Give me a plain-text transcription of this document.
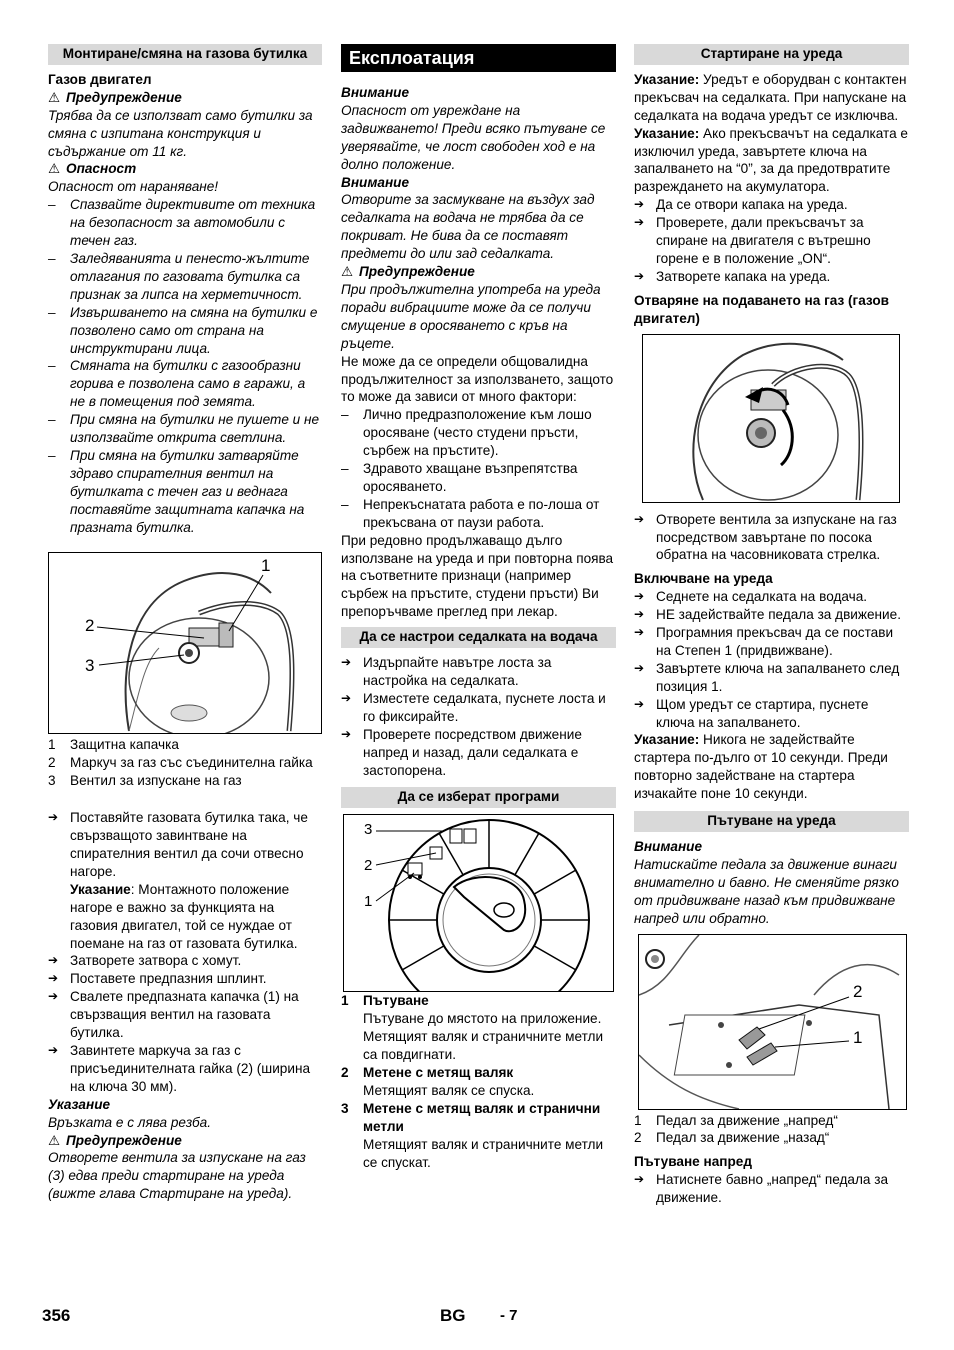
Монтиране/смяна на газова бутилка

Газов двигател

⚠ Предупреждение

Трябва да се използват само бутилки за смяна с изпитана конструкция и съдържание от 11 кг.

⚠ Опасност

Опасност от нараняване!

– Спазвайте директивите от техника на безопасност за автомобили с течен газ.
– Заледяванията и пенесто-жълтите отлагания по газовата бутилка са признак за липса на херметичност.
– Извършването на смяна на бутилки е позволено само от страна на инструктирани лица.
– Смяната на бутилки с газообразни горива е позволена само в гаражи, а не в помещения под земята.
– При смяна на бутилки не пушете и не използвайте открита светлина.
– При смяна на бутилки затваряйте здраво спирателния вентил на бутилката с течен газ и веднага поставяйте защитната капачка на празната бутилка.
1
2
3
1 Защитна капачка
2 Маркуч за газ със съединителна гайка
3 Вентил за изпускане на газ
➔ Поставяйте газовата бутилка така, че свързващото завинтване на спирателния вентил да сочи отвесно нагоре.
Указание: Монтажното положение нагоре е важно за функцията на газовия двигател, той се нуждае от поемане на газ от газовата бутилка.
➔ Затворете затвора с хомут.
➔ Поставете предпазния шплинт.
➔ Свалете предпазната капачка (1) на свързващия вентил на газовата бутилка.
➔ Завинтете маркуча за газ с присъединителната гайка (2) (ширина на ключа 30 мм).

Указание

Връзката е с лява резба.

⚠ Предупреждение

Отворете вентила за изпускане на газ (3) едва преди стартиране на уреда (вижте глава Стартиране на уреда).

Експлоатация

Внимание

Опасност от увреждане на задвижването! Преди всяко пътуване се уверявайте, че лост свободен ход е на долно положение.

Внимание

Отворите за засмукване на въздух зад седалката на водача не трябва да се покриват. Не бива да се поставят предмети до или зад седалката.

⚠ Предупреждение

При продължителна употреба на уреда поради вибрациите може да се получи смущение в оросяването с кръв на ръцете.

Не може да се определи общовалидна продължителност за използването, защото то може да зависи от много фактори:

– Лично предразположение към лошо оросяване (често студени пръсти, сърбеж на пръстите).
– Здравото хващане възпрепятства оросяването.
– Непрекъснатата работа е по-лоша от прекъсвана от паузи работа.

При редовно продължаващо дълго използване на уреда и при повторна поява на съответните признаци (например сърбеж на пръстите, студени пръсти) Ви препоръчваме преглед при лекар.

Да се настрои седалката на водача
➔ Издърпайте навътре лоста за настройка на седалката.
➔ Изместете седалката, пуснете лоста и го фиксирайте.
➔ Проверете посредством движение напред и назад, дали седалката е застопорена.
Да се изберат програми
3
2
1
1 Пътуване
Пътуване до мястото на приложение. Метящият валяк и страничните метли са повдигнати.
2 Метене с метящ валяк
Метящият валяк се спуска.
3 Метене с метящ валяк и странични метли
Метящият валяк и страничните метли се спускат.
Стартиране на уреда

Указание: Уредът е оборудван с контактен прекъсвач на седалката. При напускане на седалката на водача уредът се изключва.

Указание: Ако прекъсвачът на седалката е изключил уреда, завъртете ключа на запалването на “0”, за да предотвратите разреждането на акумулатора.

➔ Да се отвори капака на уреда.
➔ Проверете, дали прекъсвачът за спиране на двигателя с вътрешно горене е в положение „ON“.
➔ Затворете капака на уреда.

Отваряне на подаването на газ (газов двигател)

➔ Отворете вентила за изпускане на газ посредством завъртане по посока обратна на часовниковата стрелка.

Включване на уреда

➔ Седнете на седалката на водача.
➔ НЕ задействайте педала за движение.
➔ Програмния прекъсвач да се постави на Степен 1 (придвижване).
➔ Завъртете ключа на запалването след позиция 1.
➔ Щом уредът се стартира, пуснете ключа на запалването.

Указание: Никога не задействайте стартера по-дълго от 10 секунди. Преди повторно задействане на стартера изчакайте поне 10 секунди.

Пътуване на уреда

Внимание

Натискайте педала за движение винаги внимателно и бавно. Не сменяйте рязко от придвижване назад към придвижване напред или обратно.

2
1
1 Педал за движение „напред“
2 Педал за движение „назад“

Пътуване напред

➔ Натиснете бавно „напред“ педала за движение.
356	BG - 7
